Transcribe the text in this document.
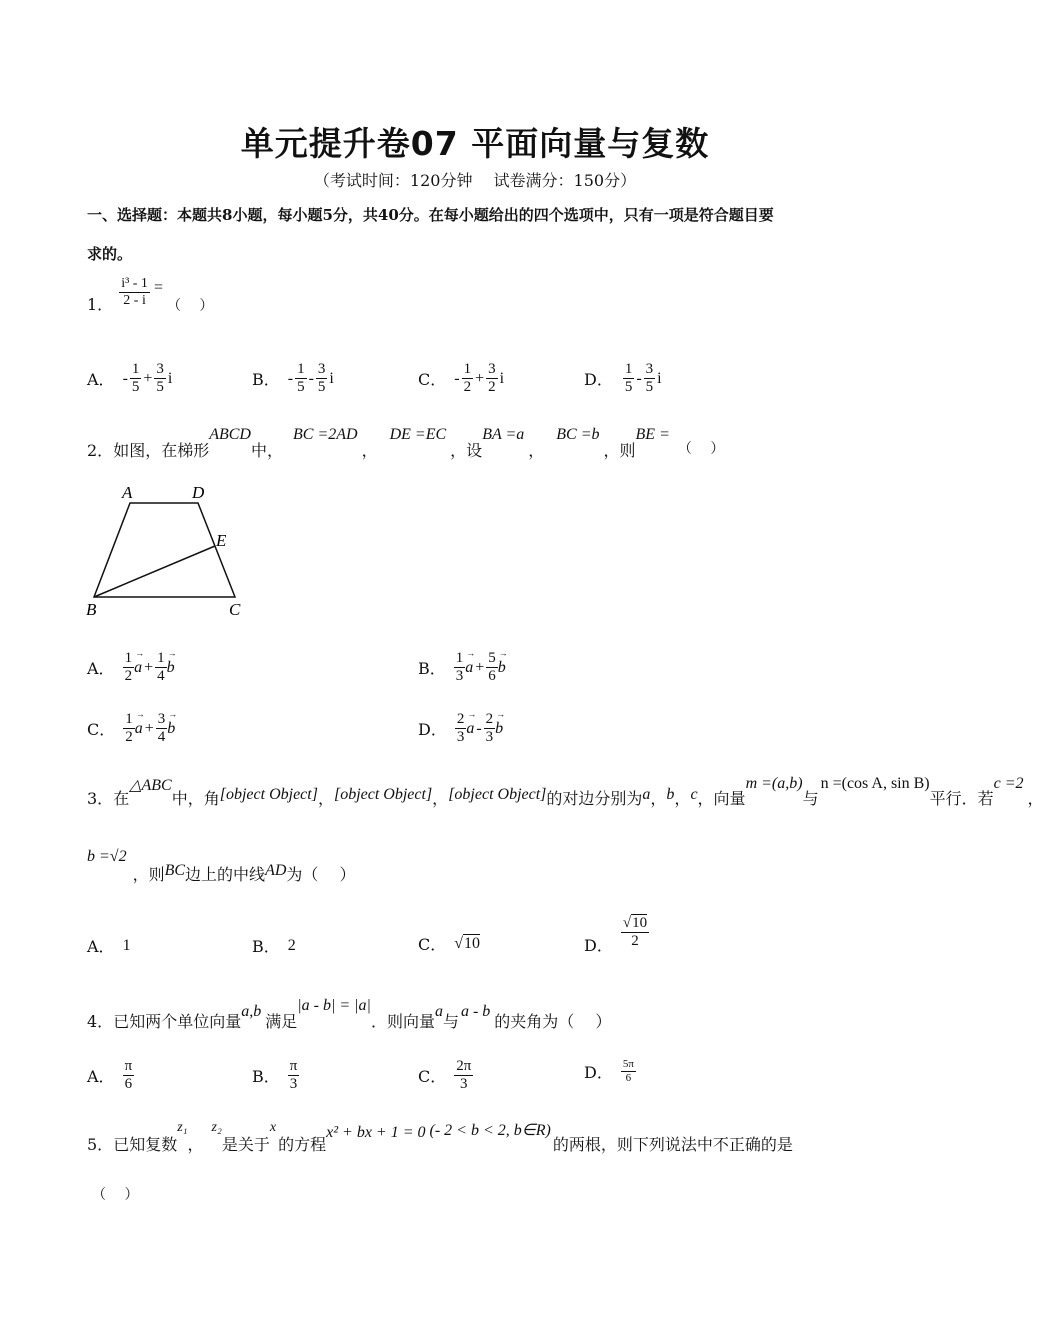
单元提升卷07 平面向量与复数
（考试时间：120分钟　 试卷满分：150分）
一、选择题：本题共8小题，每小题5分，共40分。在每小题给出的四个选项中，只有一项是符合题目要
求的。
1． $\frac{\text{i³ - 1}}{2 - i}$ =
（　 ）
A． - $\frac{1}{5} + \frac{3}{5}$ i	B． - $\frac{1}{5} - \frac{3}{5}$ i	C． - $\frac{1}{2} + \frac{3}{2}$ i	D． $\frac{1}{5} - \frac{3}{5}$ i
2． 如图，在梯形
ABCD
中，
BC =2AD
，
DE =EC
，设
BA =a
，
BC =b
，则
BE =
（　 ）
A	D
E
B	C
A． $\frac{1}{2}$
→ $a + \frac{1}{4}$
→ b	B． $\frac{1}{3}$
→ $a + \frac{5}{6}$
→ b
C． $\frac{1}{2}$
→ $a + \frac{3}{4}$
→ b	D． $\frac{2}{3}$
→ a - $\frac{2}{3}$
→ b
3． 在
△ABC
中，角 [object Object] ， [object Object] ， [object Object] 的对边分别为 a ， b ， c ，向量
m =(a,b)
与
n =(cos A, sin B)
平行．若
c =2
，
b =√2
，则 BC 边上的中线 AD 为（　 ）
A． 1	B． 2	C． √ 10	D． $\frac{√10}{2}$
4． 已知两个单位向量
a,b
满足
|a - b| = |a|
．则向量
a
与
a - b
的夹角为（　 ）
A． $\frac{\pi}{6}$	B． $\frac{\pi}{3}$	C． $\frac{2\pi}{3}$	D． $\frac{5\pi}{6}$
5． 已知复数
z₁
，
z₂
是关于
x
的方程
x² + bx + 1 = 0 (- 2 < b < 2, b∈R)
的两根，则下列说法中不正确的是
（　 ）
